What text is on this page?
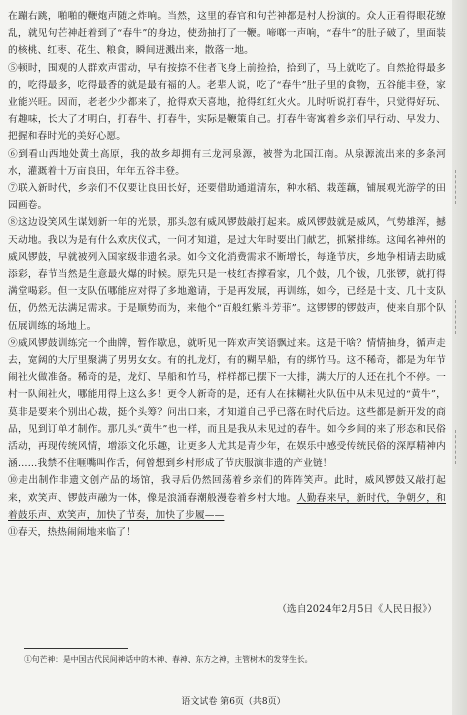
在蹦右跳，啪啪的鞭炮声随之炸响。当然，这里的春官和句芒神都是村人扮演的。众人正看得眼花缭乱，就见句芒神赶着到了“春牛”的身边，使劲抽打了一鞭。啼啷一声响，“春牛”的肚子破了，里面装的核桃、红枣、花生、粮食，瞬间迸溅出来，散落一地。

⑤顿时，围观的人群欢声雷动，早有按捺不住者飞身上前捡拾，拾到了，马上就吃了。自然抢得最多的，吃得最多，吃得最香的就是最有福的人。老辈人说，吃了“春牛”肚子里的食物，五谷能丰登，家业能兴旺。因而，老老少少都来了，抢得欢天喜地，抢得红红火火。儿时听说打春牛，只觉得好玩、有趣味，长大了才明白，打春牛、打春牛，实际是鞭策自己。打春牛寄寓着乡亲们早行动、早发力、把握和春时光的美好心愿。

⑥到看山西地处黄土高原，我的故乡却拥有三龙河泉源，被誉为北国江南。从泉源流出来的多条河水，灌溉着十万亩良田，年年五谷丰登。

⑦联入新时代，乡亲们不仅要让良田长好，还要借助通道清东，种水稻、栽莲藕，铺展观光游学的田园画卷。

⑧这边设笑风生谋划新一年的光景，那头忽有威风锣鼓敲打起来。威风锣鼓就是威风，气势雄浑，撼天动地。我以为是有什么欢庆仪式，一问才知道，是过大年时要出门献艺，抓紧排练。这闻名神州的威风锣鼓，早就被列入国家级非遗名录。如今文化消费需求不断增长，每逢节庆，乡地争相请去助威添彩，春节当然是生意最火爆的时候。原先只是一枝红杏撑看家，几个鼓，几个钹，几张锣，就打得满堂喝彩。但一支队伍哪能应对得了多地邀请，于是再发展，再训练，如今，已经是十支、几十支队伍，仍然无法满足需求。于是顺势而为，来他个“百般红紫斗芳菲”。这锣锣的锣鼓声，使来自那个队伍展训练的场地上。

⑨威风锣鼓训练完一个曲牌，暂作歇息，就听见一阵欢声笑语飘过来。这是干啥？情情抽身，循声走去，宽阔的大厅里聚满了男男女女。有的扎龙灯，有的糊旱船，有的绑竹马。这不稀奇，都是为年节闹社火做准备。稀奇的是，龙灯、旱船和竹马，样样都已摆下一大排，满大厅的人还在扎个不停。一村一队闹社火，哪能用得上这么多！更令人新奇的是，还有人在抹糊社火队伍中从未见过的“黄牛”，莫非是要来个别出心裁，挺个头筹？问出口来，才知道自己乎已落在时代后边。这些都是新开发的商品，见到订单才制作。那几头“黄牛”也一样，而且是我从未见过的春牛。如今乡间的来了形态和民俗活动，再现传统风情，增添文化乐趣，让更多人尤其是青少年，在娱乐中感受传统民俗的深厚精神内涵……我禁不住咂嘴叫作舌，何曾想到乡村形成了节庆服演非遗的产业链！

⑩走出制作非遗文创产品的场馆，我寻后仍然回荡着乡亲们的阵阵笑声。此时，威风锣鼓又敲打起来，欢笑声、锣鼓声融为一体，像是浪涌春潮般漫卷着乡村大地。人勤春来早，新时代，争朝夕，和着鼓乐声、欢笑声，加快了节奏，加快了步履——

⑪春天，热热闹闹地来临了！

（选自2024年2月5日《人民日报》）
①句芒神：是中国古代民间神话中的木神、春神、东方之神，主管树木的发芽生长。
语文试卷 第6页（共8页）
